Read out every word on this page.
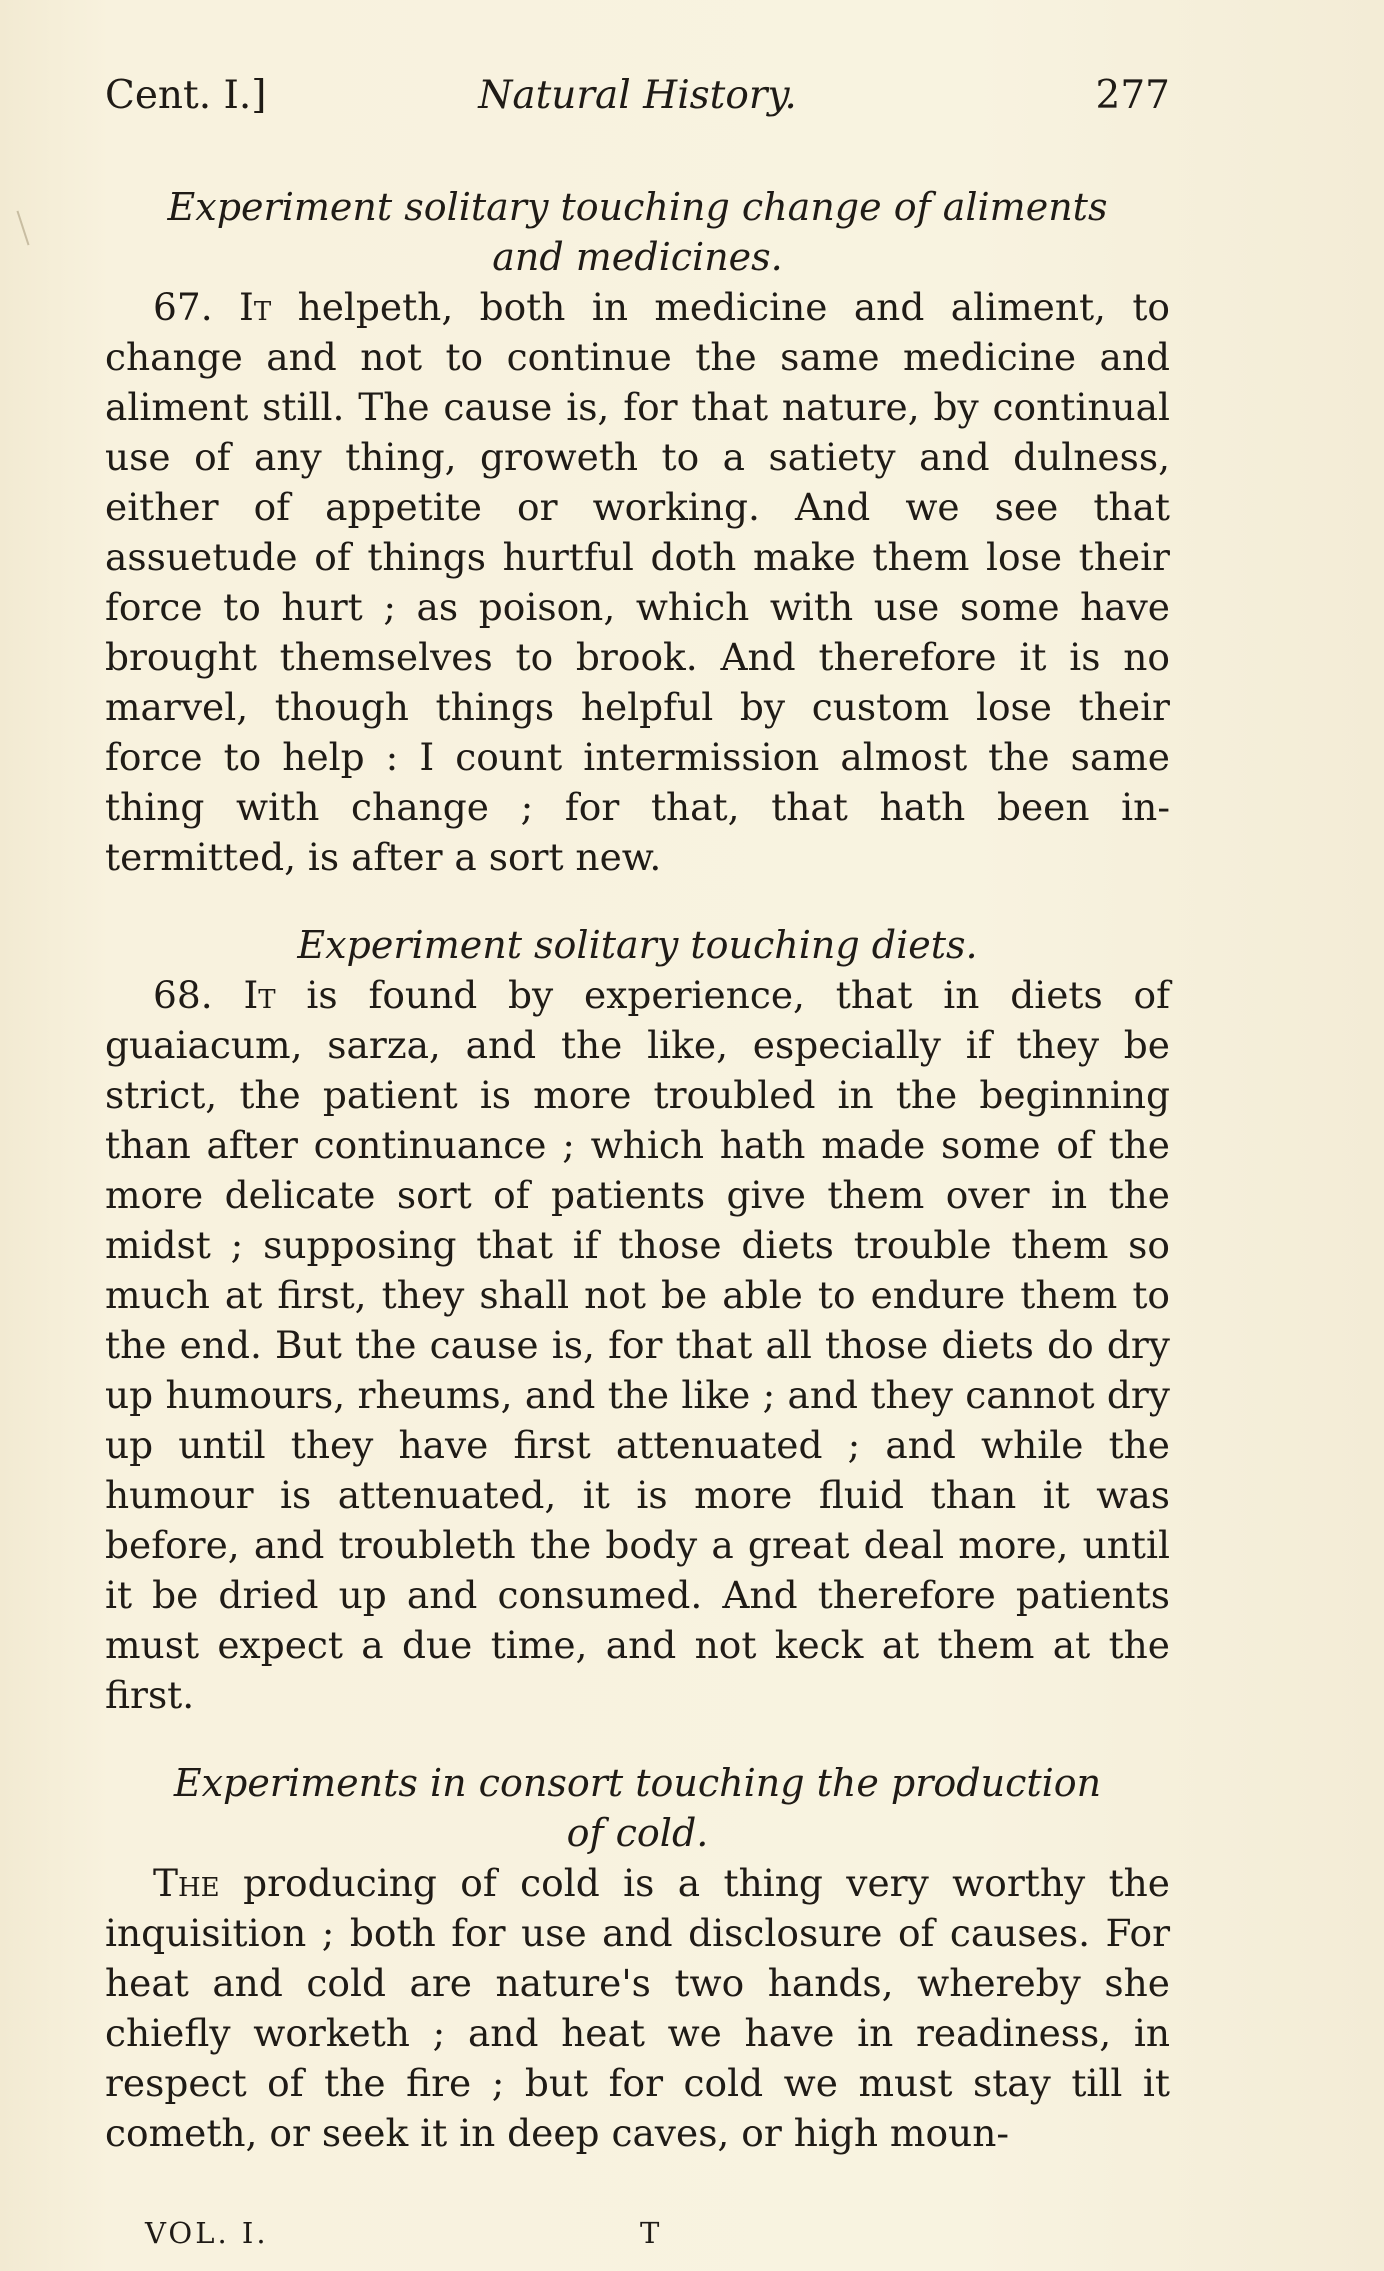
Cent. I.]	Natural History.	277

Experiment solitary touching change of aliments
and medicines.

67. It helpeth, both in medicine and aliment, to change and not to continue the same medicine and aliment still. The cause is, for that nature, by continual use of any thing, groweth to a satiety and dulness, either of appetite or working. And we see that assuetude of things hurtful doth make them lose their force to hurt ; as poison, which with use some have brought themselves to brook. And therefore it is no marvel, though things helpful by custom lose their force to help : I count intermission almost the same thing with change ; for that, that hath been intermitted, is after a sort new.

Experiment solitary touching diets.

68. It is found by experience, that in diets of guaiacum, sarza, and the like, especially if they be strict, the patient is more troubled in the beginning than after continuance ; which hath made some of the more delicate sort of patients give them over in the midst ; supposing that if those diets trouble them so much at first, they shall not be able to endure them to the end. But the cause is, for that all those diets do dry up humours, rheums, and the like ; and they cannot dry up until they have first attenuated ; and while the humour is attenuated, it is more fluid than it was before, and troubleth the body a great deal more, until it be dried up and consumed. And therefore patients must expect a due time, and not keck at them at the first.

Experiments in consort touching the production
of cold.

The producing of cold is a thing very worthy the inquisition ; both for use and disclosure of causes. For heat and cold are nature's two hands, whereby she chiefly worketh ; and heat we have in readiness, in respect of the fire ; but for cold we must stay till it cometh, or seek it in deep caves, or high moun-

VOL. I.	T
